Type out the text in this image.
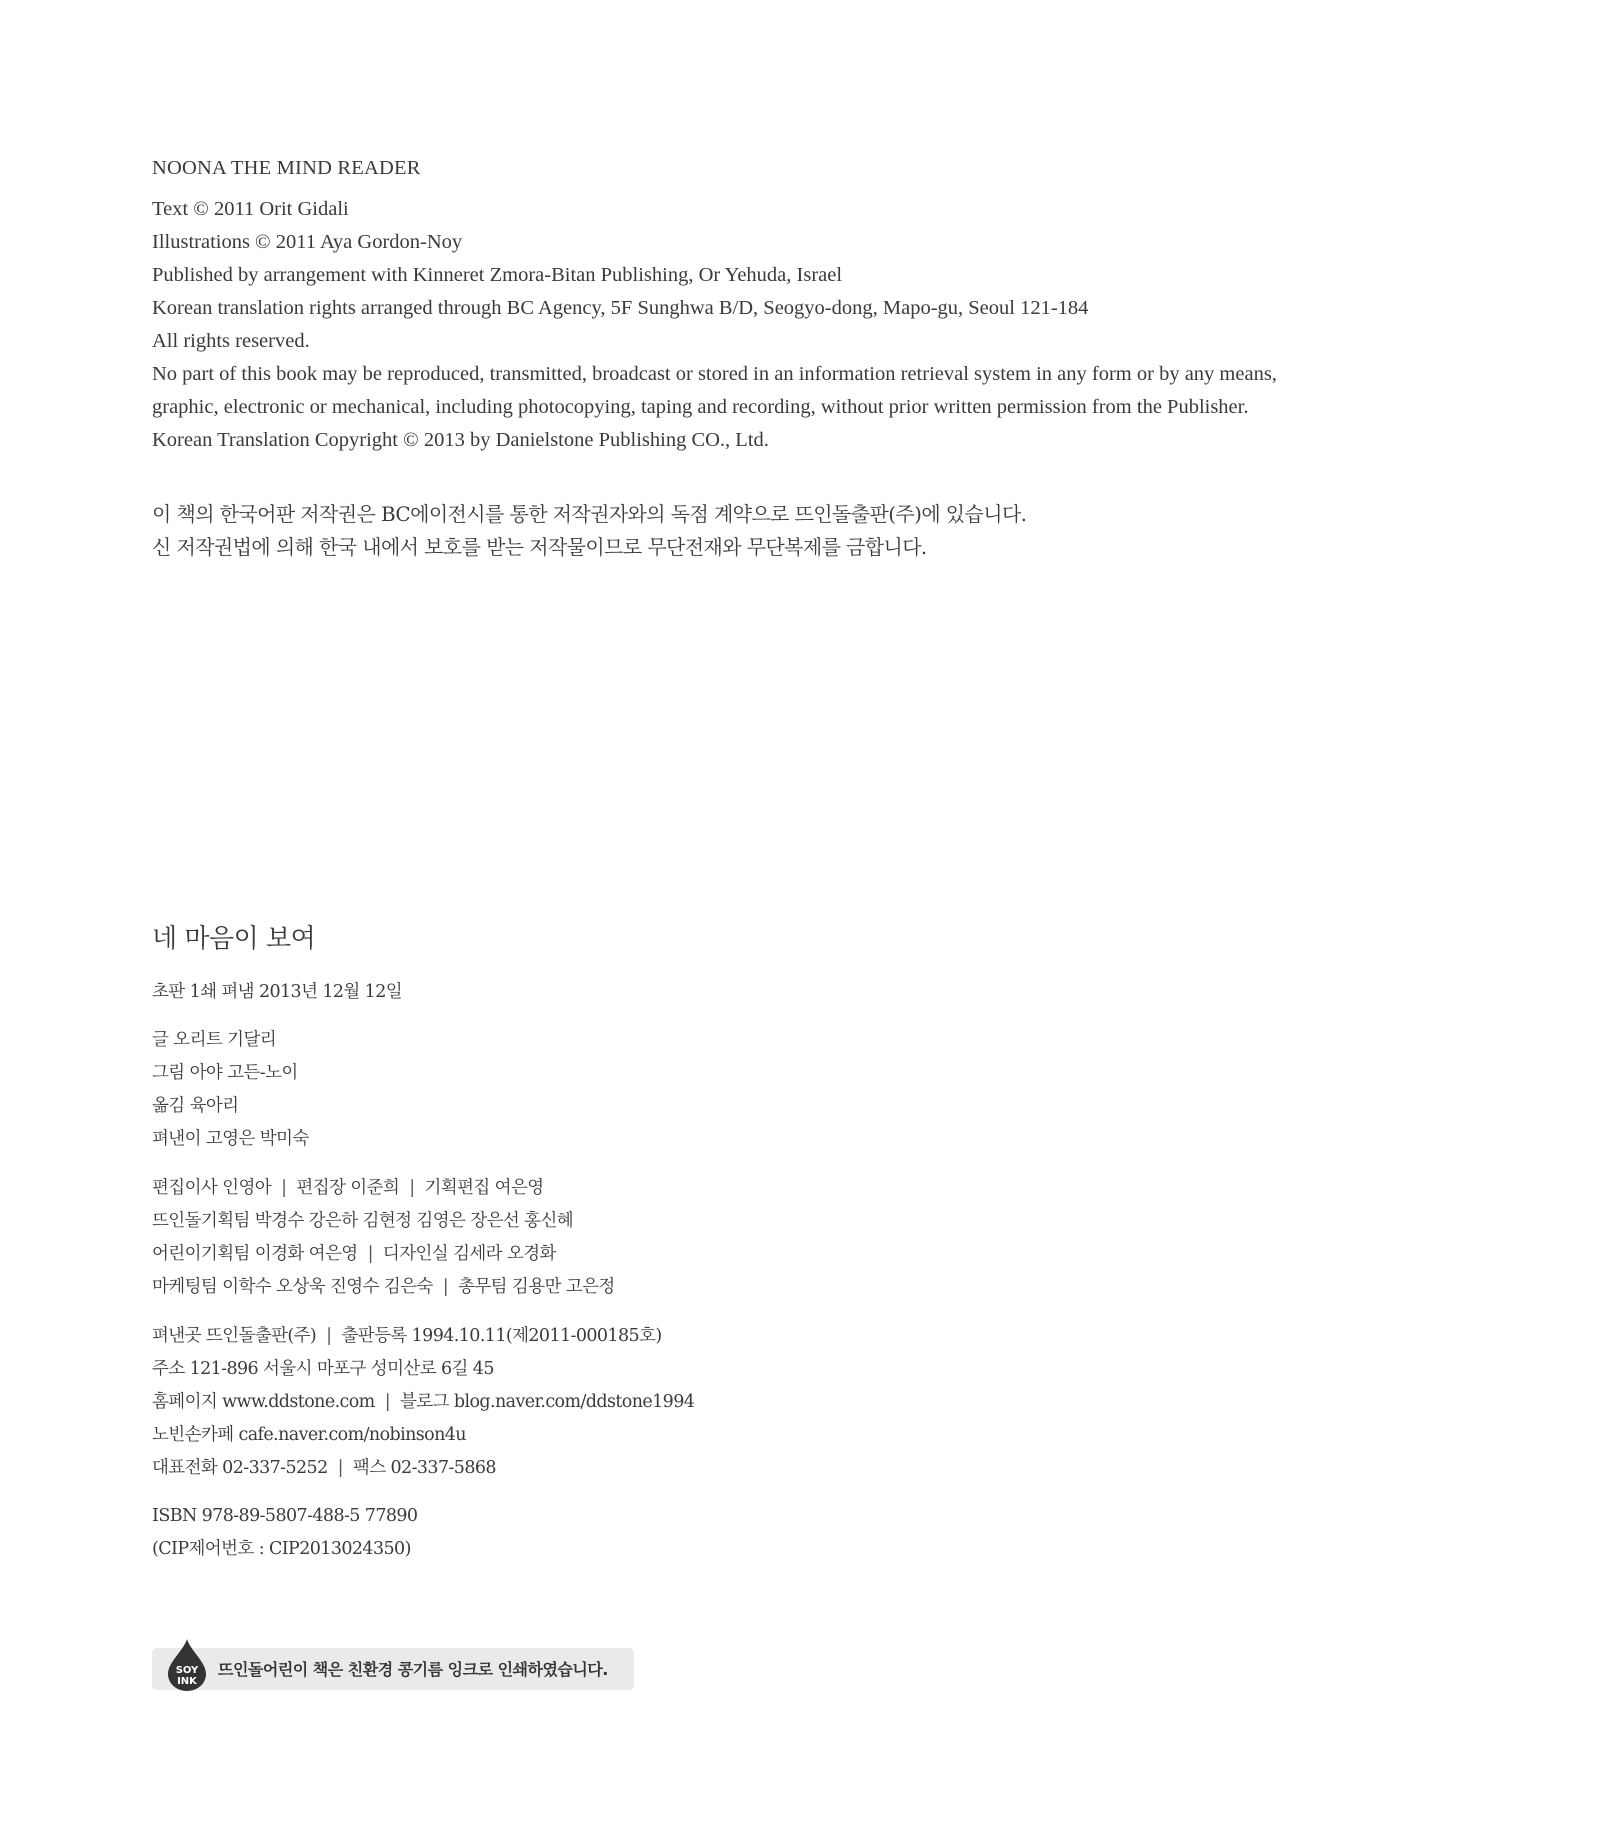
NOONA THE MIND READER
Text © 2011 Orit Gidali
Illustrations © 2011 Aya Gordon-Noy
Published by arrangement with Kinneret Zmora-Bitan Publishing, Or Yehuda, Israel
Korean translation rights arranged through BC Agency, 5F Sunghwa B/D, Seogyo-dong, Mapo-gu, Seoul 121-184
All rights reserved.
No part of this book may be reproduced, transmitted, broadcast or stored in an information retrieval system in any form or by any means,
graphic, electronic or mechanical, including photocopying, taping and recording, without prior written permission from the Publisher.
Korean Translation Copyright © 2013 by Danielstone Publishing CO., Ltd.
이 책의 한국어판 저작권은 BC에이전시를 통한 저작권자와의 독점 계약으로 뜨인돌출판(주)에 있습니다.
신 저작권법에 의해 한국 내에서 보호를 받는 저작물이므로 무단전재와 무단복제를 금합니다.
네 마음이 보여
초판 1쇄 펴냄 2013년 12월 12일
글 오리트 기달리
그림 아야 고든-노이
옮김 육아리
펴낸이 고영은 박미숙
편집이사 인영아 | 편집장 이준희 | 기획편집 여은영
뜨인돌기획팀 박경수 강은하 김현정 김영은 장은선 홍신혜
어린이기획팀 이경화 여은영 | 디자인실 김세라 오경화
마케팅팀 이학수 오상욱 진영수 김은숙 | 총무팀 김용만 고은정
펴낸곳 뜨인돌출판(주) | 출판등록 1994.10.11(제2011-000185호)
주소 121-896 서울시 마포구 성미산로 6길 45
홈페이지 www.ddstone.com | 블로그 blog.naver.com/ddstone1994
노빈손카페 cafe.naver.com/nobinson4u
대표전화 02-337-5252 | 팩스 02-337-5868
ISBN 978-89-5807-488-5 77890
(CIP제어번호 : CIP2013024350)
SOY
INK
뜨인돌어린이 책은 친환경 콩기름 잉크로 인쇄하였습니다.
